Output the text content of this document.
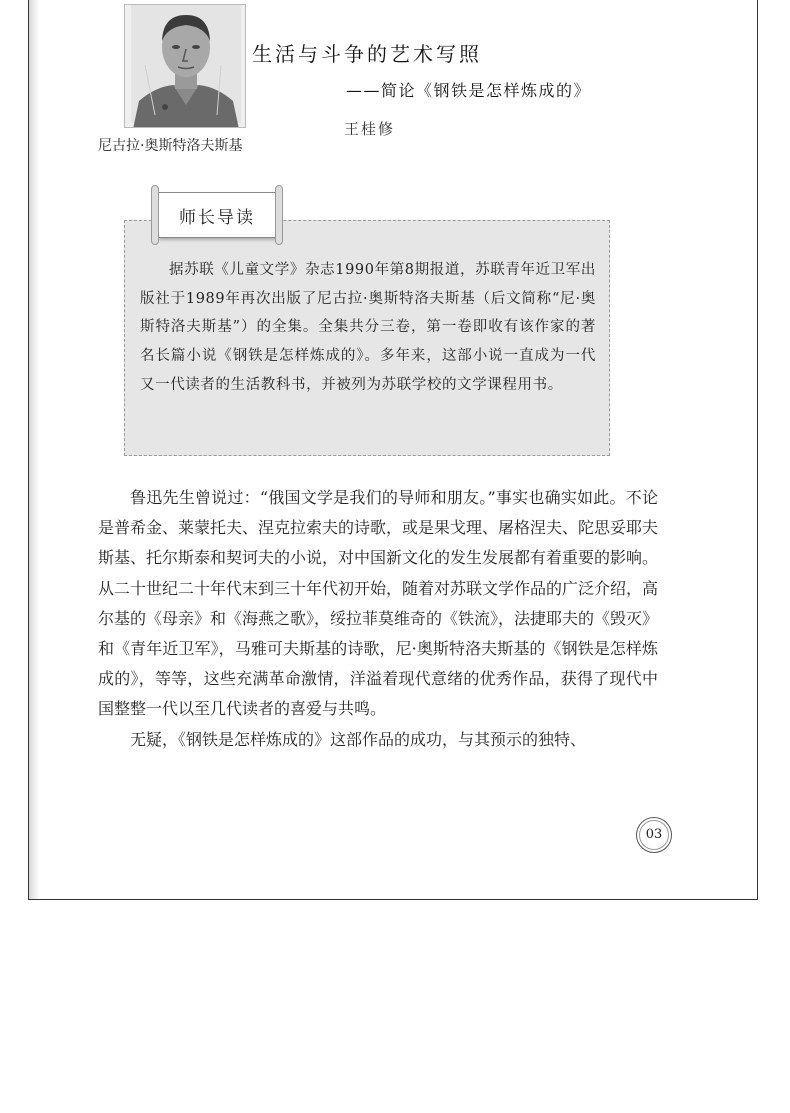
尼古拉·奥斯特洛夫斯基
生活与斗争的艺术写照
——简论《钢铁是怎样炼成的》
王桂修
师长导读
据苏联《儿童文学》杂志1990年第8期报道，苏联青年近卫军出版社于1989年再次出版了尼古拉·奥斯特洛夫斯基（后文简称“尼·奥斯特洛夫斯基”）的全集。全集共分三卷，第一卷即收有该作家的著名长篇小说《钢铁是怎样炼成的》。多年来，这部小说一直成为一代又一代读者的生活教科书，并被列为苏联学校的文学课程用书。

鲁迅先生曾说过：“俄国文学是我们的导师和朋友。”事实也确实如此。不论是普希金、莱蒙托夫、涅克拉索夫的诗歌，或是果戈理、屠格涅夫、陀思妥耶夫斯基、托尔斯泰和契诃夫的小说，对中国新文化的发生发展都有着重要的影响。从二十世纪二十年代末到三十年代初开始，随着对苏联文学作品的广泛介绍，高尔基的《母亲》和《海燕之歌》，绥拉菲莫维奇的《铁流》，法捷耶夫的《毁灭》和《青年近卫军》，马雅可夫斯基的诗歌，尼·奥斯特洛夫斯基的《钢铁是怎样炼成的》，等等，这些充满革命激情，洋溢着现代意绪的优秀作品，获得了现代中国整整一代以至几代读者的喜爱与共鸣。

无疑，《钢铁是怎样炼成的》这部作品的成功，与其预示的独特、

03
